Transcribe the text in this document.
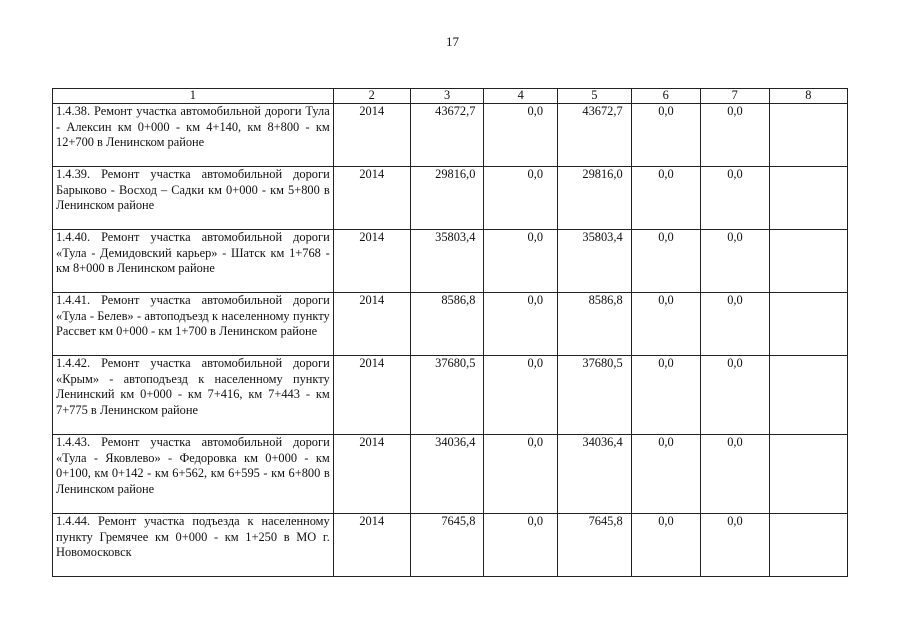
17
1	2	3	4	5	6	7	8
1.4.38. Ремонт участка автомобильной дороги Тула - Алексин км 0+000 - км 4+140, км 8+800 - км 12+700 в Ленинском районе	2014	43672,7	0,0	43672,7	0,0	0,0	
1.4.39. Ремонт участка автомобильной дороги Барыково - Восход – Садки км 0+000 - км 5+800 в Ленинском районе	2014	29816,0	0,0	29816,0	0,0	0,0	
1.4.40. Ремонт участка автомобильной дороги «Тула - Демидовский карьер» - Шатск км 1+768 - км 8+000 в Ленинском районе	2014	35803,4	0,0	35803,4	0,0	0,0	
1.4.41. Ремонт участка автомобильной дороги «Тула - Белев» - автоподъезд к населенному пункту Рассвет км 0+000 - км 1+700 в Ленинском районе	2014	8586,8	0,0	8586,8	0,0	0,0	
1.4.42. Ремонт участка автомобильной дороги «Крым» - автоподъезд к населенному пункту Ленинский км 0+000 - км 7+416, км 7+443 - км 7+775 в Ленинском районе	2014	37680,5	0,0	37680,5	0,0	0,0	
1.4.43. Ремонт участка автомобильной дороги «Тула - Яковлево» - Федоровка км 0+000 - км 0+100, км 0+142 - км 6+562, км 6+595 - км 6+800 в Ленинском районе	2014	34036,4	0,0	34036,4	0,0	0,0	
1.4.44. Ремонт участка подъезда к населенному пункту Гремячее км 0+000 - км 1+250 в МО г. Новомосковск	2014	7645,8	0,0	7645,8	0,0	0,0	
